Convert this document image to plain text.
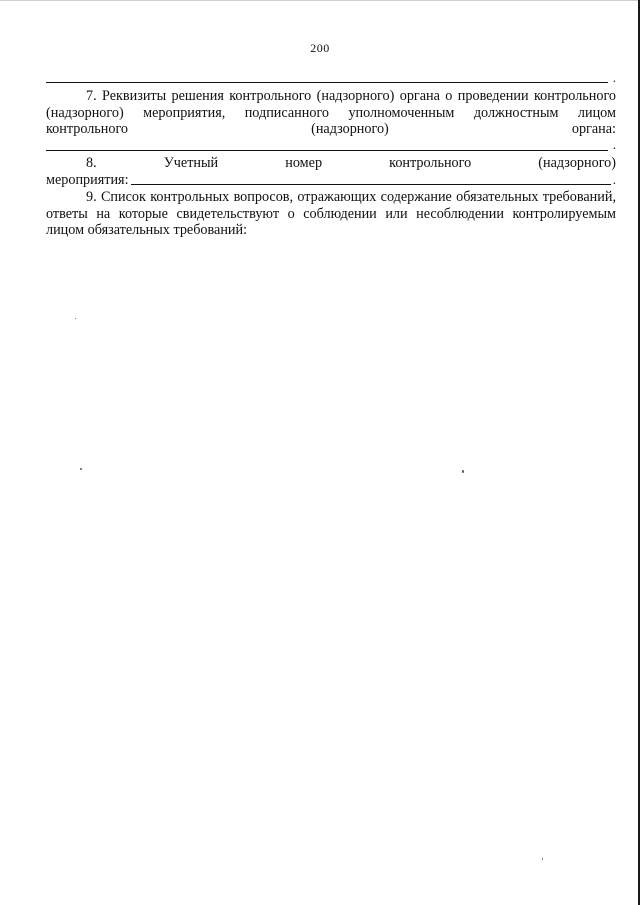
200
.

7. Реквизиты решения контрольного (надзорного) органа о проведении контрольного (надзорного) мероприятия, подписанного уполномоченным должностным лицом контрольного (надзорного) органа:

.

8. Учетный номер контрольного (надзорного)

мероприятия:	.

9. Список контрольных вопросов, отражающих содержание обязательных требований, ответы на которые свидетельствуют о соблюдении или несоблюдении контролируемым лицом обязательных требований:
